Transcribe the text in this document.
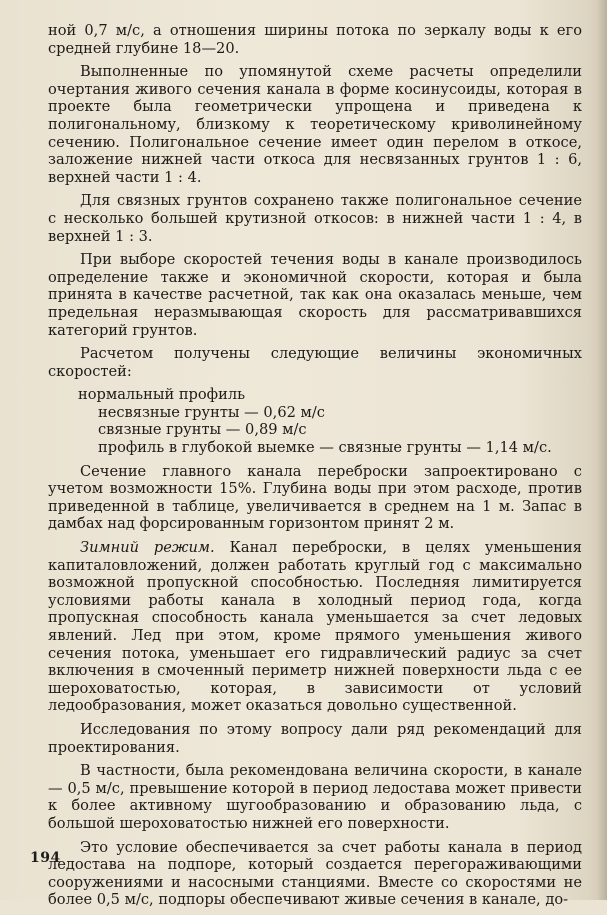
ной 0,7 м/с, а отношения ширины потока по зеркалу воды к его средней глубине 18—20.

Выполненные по упомянутой схеме расчеты определили очертания живого сечения канала в форме косинусоиды, которая в проекте была геометрически упрощена и приведена к полигональному, близкому к теоретическому криволинейному сечению. Полигональное сечение имеет один перелом в откосе, заложение нижней части откоса для несвязанных грунтов 1 : 6, верхней части 1 : 4.

Для связных грунтов сохранено также полигональное сечение с несколько большей крутизной откосов: в нижней части 1 : 4, в верхней 1 : 3.

При выборе скоростей течения воды в канале производилось определение также и экономичной скорости, которая и была принята в качестве расчетной, так как она оказалась меньше, чем предельная неразмывающая скорость для рассматривавшихся категорий грунтов.

Расчетом получены следующие величины экономичных скоростей:

нормальный профиль

несвязные грунты — 0,62 м/с

связные грунты — 0,89 м/с

профиль в глубокой выемке — связные грунты — 1,14 м/с.

Сечение главного канала переброски запроектировано с учетом возможности 15%. Глубина воды при этом расходе, против приведенной в таблице, увеличивается в среднем на 1 м. Запас в дамбах над форсированным горизонтом принят 2 м.

Зимний режим. Канал переброски, в целях уменьшения капиталовложений, должен работать круглый год с максимально возможной пропускной способностью. Последняя лимитируется условиями работы канала в холодный период года, когда пропускная способность канала уменьшается за счет ледовых явлений. Лед при этом, кроме прямого уменьшения живого сечения потока, уменьшает его гидравлический радиус за счет включения в смоченный периметр нижней поверхности льда с ее шероховатостью, которая, в зависимости от условий ледообразования, может оказаться довольно существенной.

Исследования по этому вопросу дали ряд рекомендаций для проектирования.

В частности, была рекомендована величина скорости, в канале — 0,5 м/с, превышение которой в период ледостава может привести к более активному шугообразованию и образованию льда, с большой шероховатостью нижней его поверхности.

Это условие обеспечивается за счет работы канала в период ледостава на подпоре, который создается перегораживающими сооружениями и насосными станциями. Вместе со скоростями не более 0,5 м/с, подпоры обеспечивают живые сечения в канале, до-

194
